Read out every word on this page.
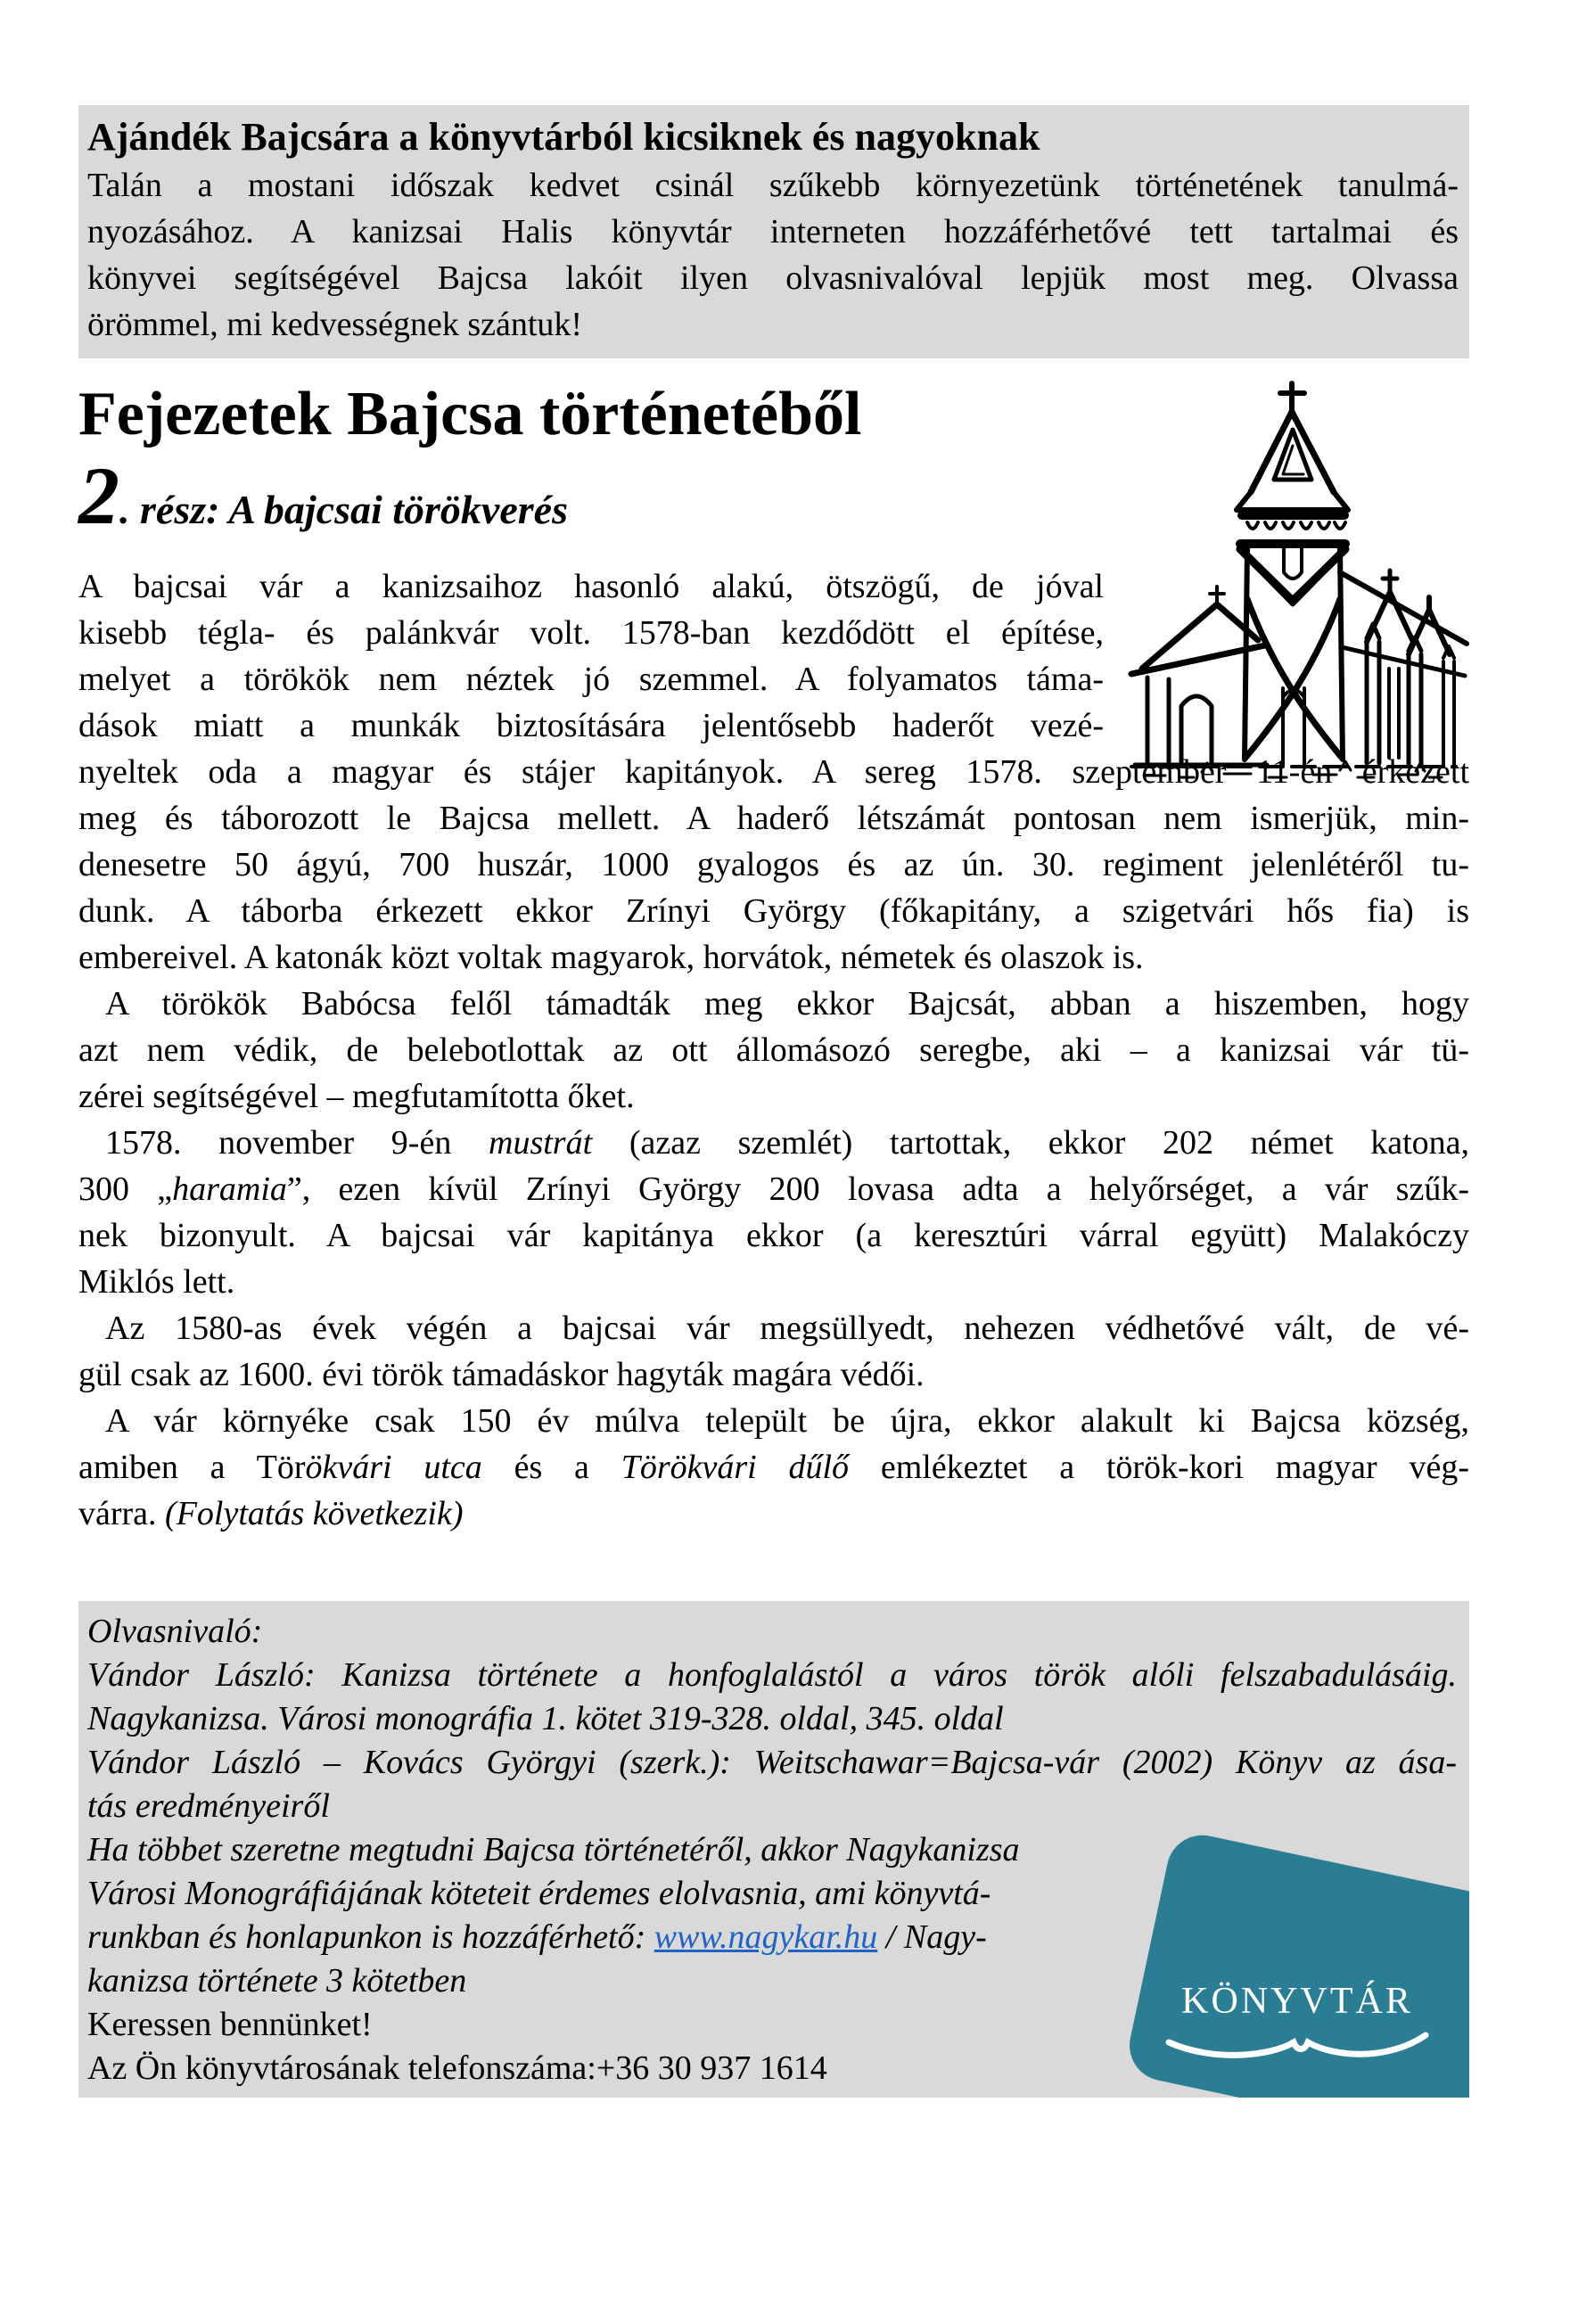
Ajándék Bajcsára a könyvtárból kicsiknek és nagyoknak
Talán a mostani időszak kedvet csinál szűkebb környezetünk történetének tanulmá-
nyozásához. A kanizsai Halis könyvtár interneten hozzáférhetővé tett tartalmai és
könyvei segítségével Bajcsa lakóit ilyen olvasnivalóval lepjük most meg. Olvassa
örömmel, mi kedvességnek szántuk!
Fejezetek Bajcsa történetéből
2. rész: A bajcsai törökverés
A bajcsai vár a kanizsaihoz hasonló alakú, ötszögű, de jóval
kisebb tégla- és palánkvár volt. 1578-ban kezdődött el építése,
melyet a törökök nem néztek jó szemmel. A folyamatos táma-
dások miatt a munkák biztosítására jelentősebb haderőt vezé-
nyeltek oda a magyar és stájer kapitányok. A sereg 1578. szeptember 11-én érkezett
meg és táborozott le Bajcsa mellett. A haderő létszámát pontosan nem ismerjük, min-
denesetre 50 ágyú, 700 huszár, 1000 gyalogos és az ún. 30. regiment jelenlétéről tu-
dunk. A táborba érkezett ekkor Zrínyi György (főkapitány, a szigetvári hős fia) is
embereivel. A katonák közt voltak magyarok, horvátok, németek és olaszok is.
A törökök Babócsa felől támadták meg ekkor Bajcsát, abban a hiszemben, hogy
azt nem védik, de belebotlottak az ott állomásozó seregbe, aki – a kanizsai vár tü-
zérei segítségével – megfutamította őket.
1578. november 9-én mustrát (azaz szemlét) tartottak, ekkor 202 német katona,
300 „haramia”, ezen kívül Zrínyi György 200 lovasa adta a helyőrséget, a vár szűk-
nek bizonyult. A bajcsai vár kapitánya ekkor (a keresztúri várral együtt) Malakóczy
Miklós lett.
Az 1580-as évek végén a bajcsai vár megsüllyedt, nehezen védhetővé vált, de vé-
gül csak az 1600. évi török támadáskor hagyták magára védői.
A vár környéke csak 150 év múlva települt be újra, ekkor alakult ki Bajcsa község,
amiben a Törökvári utca és a Törökvári dűlő emlékeztet a török-kori magyar vég-
várra. (Folytatás következik)
Olvasnivaló:
Vándor László: Kanizsa története a honfoglalástól a város török alóli felszabadulásáig.
Nagykanizsa. Városi monográfia 1. kötet 319-328. oldal, 345. oldal
Vándor László – Kovács Györgyi (szerk.): Weitschawar=Bajcsa-vár (2002) Könyv az ása-
tás eredményeiről
Ha többet szeretne megtudni Bajcsa történetéről, akkor Nagykanizsa
Városi Monográfiájának köteteit érdemes elolvasnia, ami könyvtá-
runkban és honlapunkon is hozzáférhető: www.nagykar.hu / Nagy-
kanizsa története 3 kötetben
Keressen bennünket!
Az Ön könyvtárosának telefonszáma:+36 30 937 1614
KÖNYVTÁR
